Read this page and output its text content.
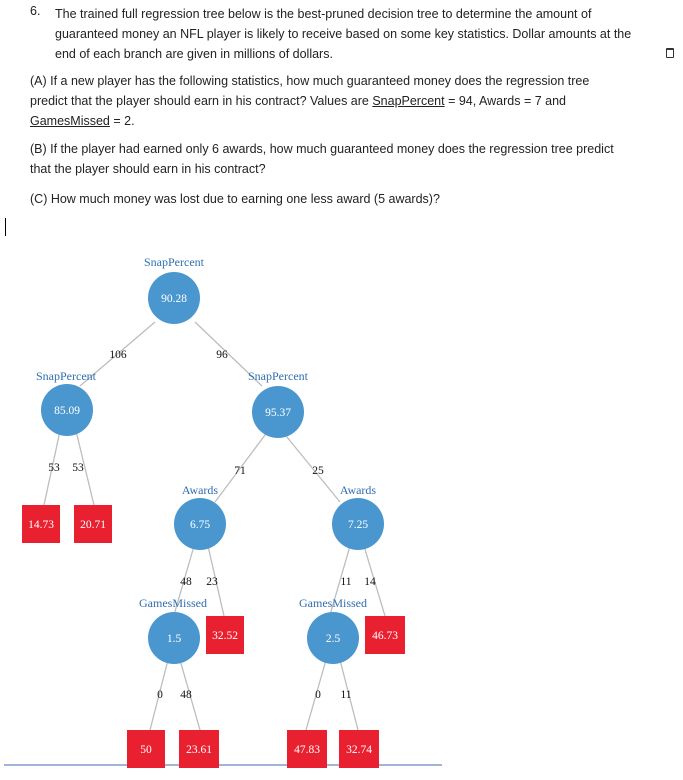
6. The trained full regression tree below is the best-pruned decision tree to determine the amount of guaranteed money an NFL player is likely to receive based on some key statistics. Dollar amounts at the end of each branch are given in millions of dollars.

(A) If a new player has the following statistics, how much guaranteed money does the regression tree predict that the player should earn in his contract? Values are SnapPercent = 94, Awards = 7 and GamesMissed = 2.

(B) If the player had earned only 6 awards, how much guaranteed money does the regression tree predict that the player should earn in his contract?

(C) How much money was lost due to earning one less award (5 awards)?

SnapPercent
90.28
106	96
SnapPercent
85.09
53 53
14.73 20.71
SnapPercent
95.37
71	25
Awards
6.75
48 23
Awards
7.25
11 14
GamesMissed
1.5
0 48
32.52
GamesMissed
2.5
0 11
46.73
50	23.61	47.83 32.74
